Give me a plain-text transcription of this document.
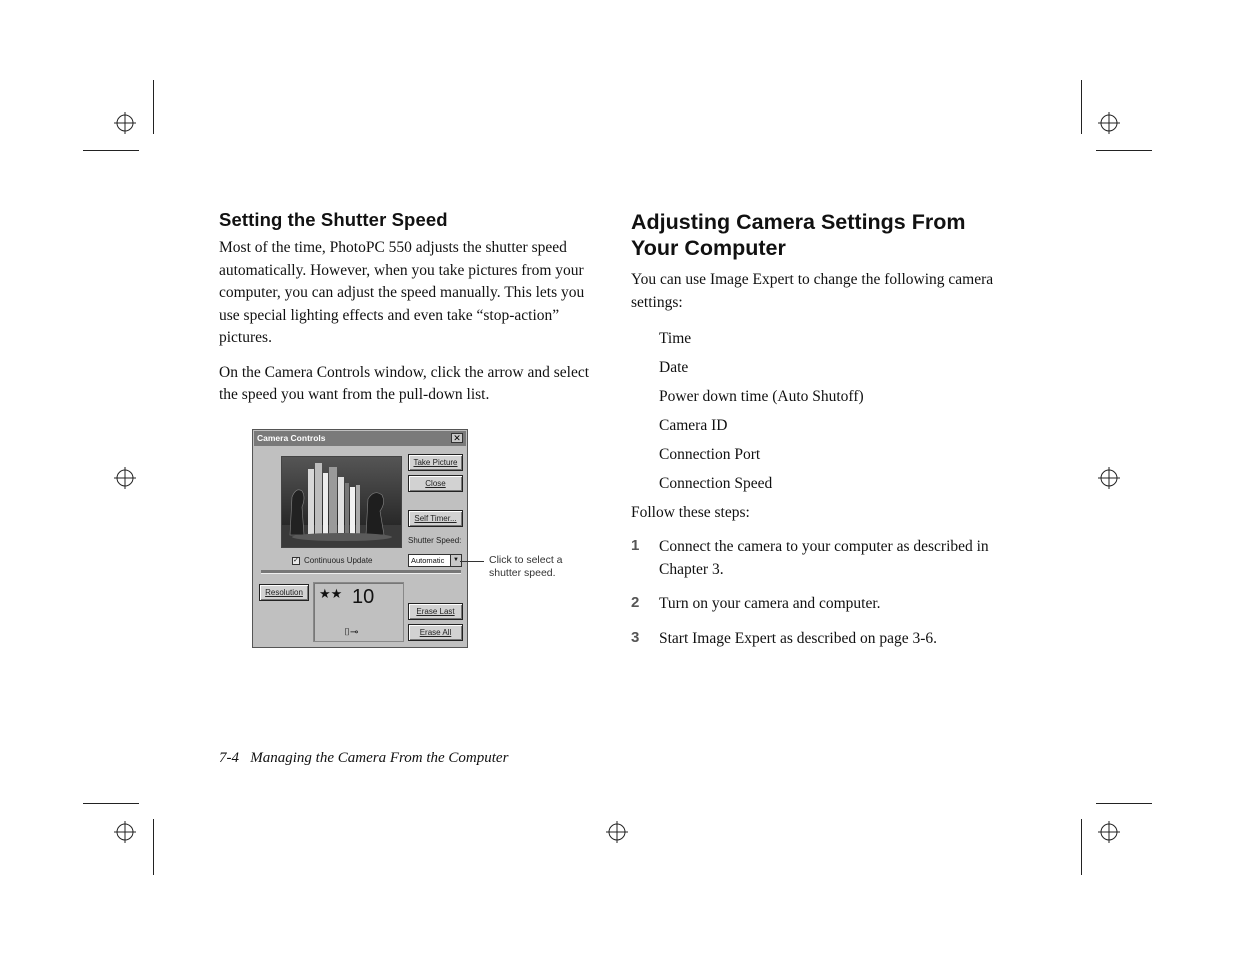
Setting the Shutter Speed

Most of the time, PhotoPC 550 adjusts the shutter speed automatically. However, when you take pictures from your computer, you can adjust the speed manually. This lets you use special lighting effects and even take “stop-action” pictures.

On the Camera Controls window, click the arrow and select the speed you want from the pull-down list.

Camera Controls	✕
Take Picture
Close
Self Timer...
Shutter Speed:
✓ Continuous Update	Automatic	▼
Resolution	★★ 10
⌷⊸
Erase Last
Erase All
Click to select a
shutter speed.
Adjusting Camera Settings From Your Computer

You can use Image Expert to change the following camera settings:

Time
Date
Power down time (Auto Shutoff)
Camera ID
Connection Port
Connection Speed

Follow these steps:

1 Connect the camera to your computer as described in Chapter 3.
2 Turn on your camera and computer.
3 Start Image Expert as described on page 3-6.
7-4 Managing the Camera From the Computer
